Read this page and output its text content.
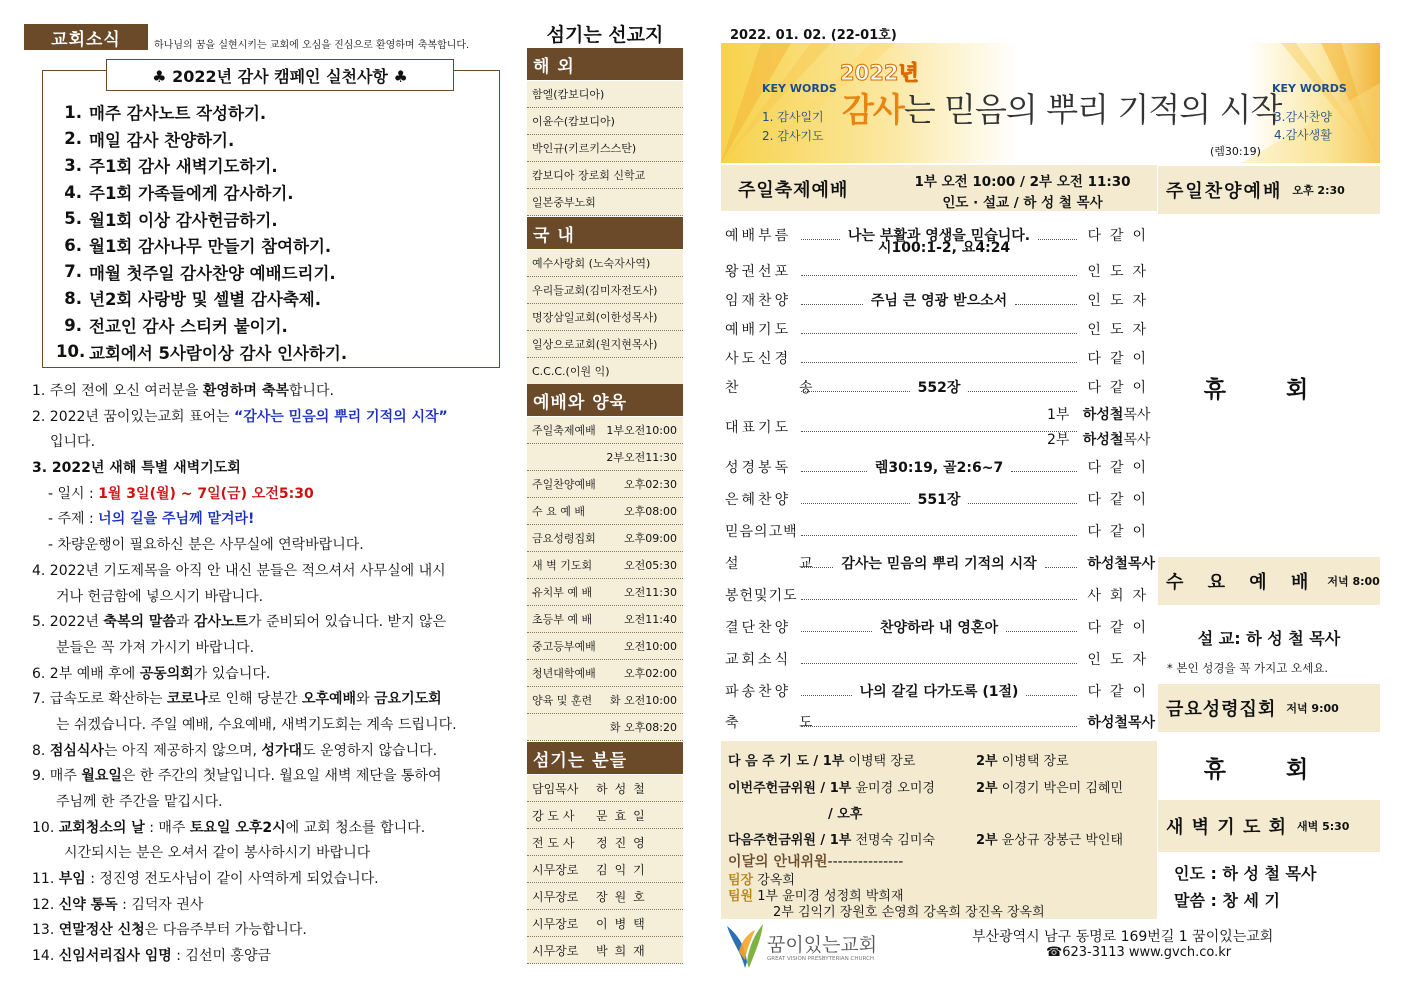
교회소식	하나님의 꿈을 실현시키는 교회에 오심을 진심으로 환영하며 축복합니다.
♣ 2022년 감사 캠페인 실천사항 ♣
1. 매주 감사노트 작성하기.
2. 매일 감사 찬양하기.
3. 주1회 감사 새벽기도하기.
4. 주1회 가족들에게 감사하기.
5. 월1회 이상 감사헌금하기.
6. 월1회 감사나무 만들기 참여하기.
7. 매월 첫주일 감사찬양 예배드리기.
8. 년2회 사랑방 및 셀별 감사축제.
9. 전교인 감사 스티커 붙이기.
10. 교회에서 5사람이상 감사 인사하기.
1. 주의 전에 오신 여러분을 환영하며 축복합니다.
2. 2022년 꿈이있는교회 표어는 “감사는 믿음의 뿌리 기적의 시작”
입니다.
3. 2022년 새해 특별 새벽기도회
- 일시 : 1월 3일(월) ~ 7일(금) 오전5:30
- 주제 : 너의 길을 주님께 맡겨라!
- 차량운행이 필요하신 분은 사무실에 연락바랍니다.
4. 2022년 기도제목을 아직 안 내신 분들은 적으셔서 사무실에 내시
거나 헌금함에 넣으시기 바랍니다.
5. 2022년 축복의 말씀과 감사노트가 준비되어 있습니다. 받지 않은
분들은 꼭 가져 가시기 바랍니다.
6. 2부 예배 후에 공동의회가 있습니다.
7. 급속도로 확산하는 코로나로 인해 당분간 오후예배와 금요기도회
는 쉬겠습니다. 주일 예배, 수요예배, 새벽기도회는 계속 드립니다.
8. 점심식사는 아직 제공하지 않으며, 성가대도 운영하지 않습니다.
9. 매주 월요일은 한 주간의 첫날입니다. 월요일 새벽 제단을 통하여
주님께 한 주간을 맡깁시다.
10. 교회청소의 날 : 매주 토요일 오후2시에 교회 청소를 합니다.
시간되시는 분은 오셔서 같이 봉사하시기 바랍니다
11. 부임 : 정진영 전도사님이 같이 사역하게 되었습니다.
12. 신약 통독 : 김덕자 권사
13. 연말정산 신청은 다음주부터 가능합니다.
14. 신임서리집사 임명 : 김선미 홍양금
섬기는 선교지
해 외
함엘(캄보디아)
이윤수(캄보디아)
박인규(키르키스스탄)
캄보디아 장로회 신학교
일본중부노회
국 내
예수사랑회 (노숙자사역)
우리들교회(김미자전도사)
명장삼일교회(이한성목사)
일상으로교회(원지현목사)
C.C.C.(이원 익)
예배와 양육
주일축제예배 1부오전10:00
2부오전11:30
주일찬양예배	오후02:30
수 요 예 배	오후08:00
금요성령집회	오후09:00
새 벽 기도회	오전05:30
유치부 예 배	오전11:30
초등부 예 배	오전11:40
중고등부예배	오전10:00
청년대학예배	오후02:00
양육 및 훈련 화 오전10:00
화 오후08:20
섬기는 분들
담임목사	하성철
강 도 사	문효일
전 도 사	정진영
시무장로	김익기
시무장로	장원호
시무장로	이병택
시무장로	박희재
2022. 01. 02. (22-01호)
2022년
KEY WORDS
1. 감사일기
2. 감사기도
감사는 믿음의 뿌리 기적의 시작
(렘30:19)
KEY WORDS
3.감사찬양
4.감사생활
주일축제예배	1부 오전 10:00 / 2부 오전 11:30
인도 · 설교 / 하 성 철 목사
예배부름	나는 부활과 영생을 믿습니다.	다같이
시100:1-2, 요4:24
왕권선포	인도자
임재찬양	주님 큰 영광 받으소서	인도자
예배기도	인도자
사도신경	다같이
찬 송	552장	다같이
대표기도
1부 하성철목사
2부 하성철목사
성경봉독	렘30:19, 골2:6~7	다같이
은혜찬양	551장	다같이
믿음의고백	다같이
설 교 감사는 믿음의 뿌리 기적의 시작	하성철목사
봉헌및기도	사회자
결단찬양	찬양하라 내 영혼아	다같이
교회소식	인도자
파송찬양	나의 갈길 다가도록 (1절)	다같이
축 도	하성철목사
다 음 주 기 도 / 1부 이병택 장로	2부 이병택 장로
이번주헌금위원 / 1부 윤미경 오미경	2부 이경기 박은미 김혜민
/ 오후
다음주헌금위원 / 1부 전명숙 김미숙	2부 윤상규 장봉근 박인태
이달의 안내위원---------------
팀장 강옥희
팀원 1부 윤미경 성정희 박희재
2부 김익기 장원호 손영희 강옥희 장진옥 장옥희
주일찬양예배 오후 2:30
휴 회
수 요 예 배 저녁 8:00
설 교: 하 성 철 목사
* 본인 성경을 꼭 가지고 오세요.
금요성령집회 저녁 9:00
휴 회
새 벽 기 도 회 새벽 5:30
인도 : 하 성 철 목사
말씀 : 창 세 기
꿈이있는교회
GREAT VISION PRESBYTERIAN CHURCH
부산광역시 남구 동명로 169번길 1 꿈이있는교회
☎623-3113 www.gvch.co.kr
